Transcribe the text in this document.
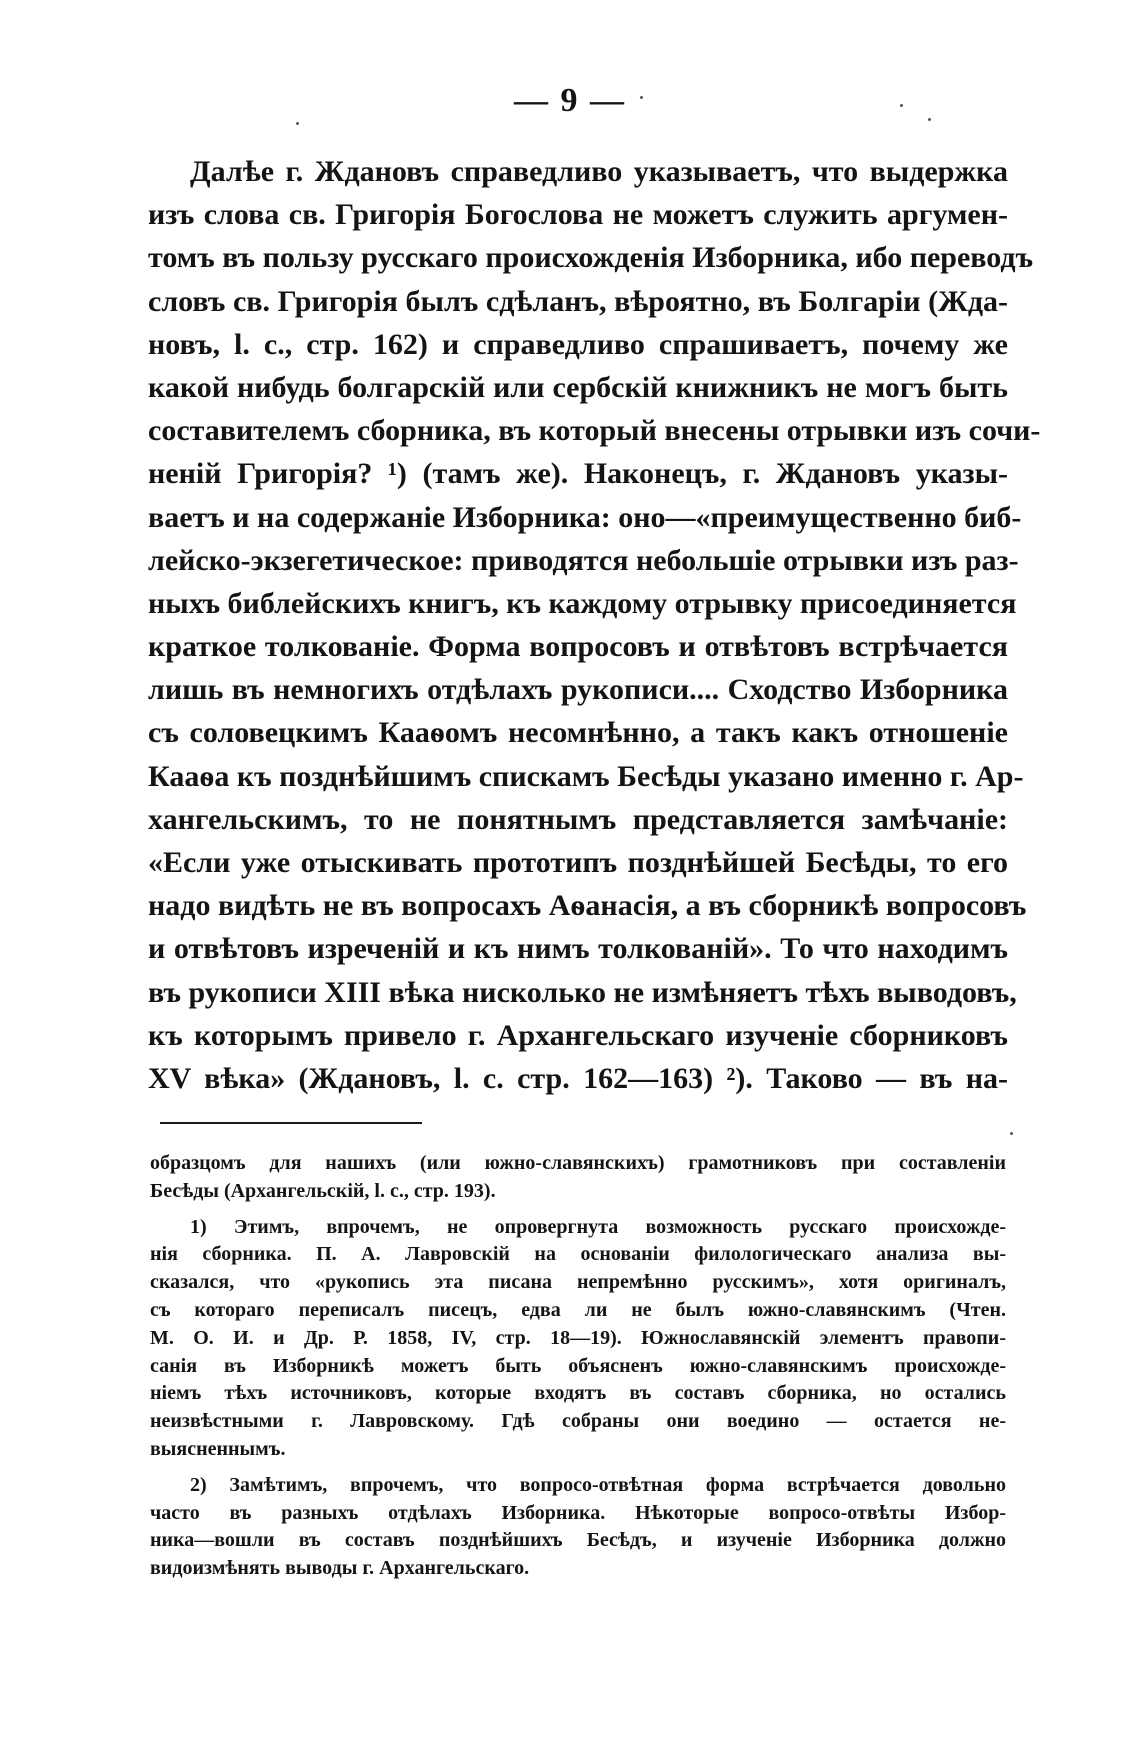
— 9 —
Далѣе г. Ждановъ справедливо указываетъ, что выдержка
изъ слова св. Григорія Богослова не можетъ служить аргумен-
томъ въ пользу русскаго происхожденія Изборника, ибо переводъ
словъ св. Григорія былъ сдѣланъ, вѣроятно, въ Болгаріи (Жда-
новъ, l. c., стр. 162) и справедливо спрашиваетъ, почему же
какой нибудь болгарскій или сербскій книжникъ не могъ быть
составителемъ сборника, въ который внесены отрывки изъ сочи-
неній Григорія? ¹) (тамъ же). Наконецъ, г. Ждановъ указы-
ваетъ и на содержаніе Изборника: оно—«преимущественно биб-
лейско-экзегетическое: приводятся небольшіе отрывки изъ раз-
ныхъ библейскихъ книгъ, къ каждому отрывку присоединяется
краткое толкованіе. Форма вопросовъ и отвѣтовъ встрѣчается
лишь въ немногихъ отдѣлахъ рукописи.... Сходство Изборника
съ соловецкимъ Кааѳомъ несомнѣнно, а такъ какъ отношеніе
Кааѳа къ позднѣйшимъ спискамъ Бесѣды указано именно г. Ар-
хангельскимъ, то не понятнымъ представляется замѣчаніе:
«Если уже отыскивать прототипъ позднѣйшей Бесѣды, то его
надо видѣть не въ вопросахъ Аѳанасія, а въ сборникѣ вопросовъ
и отвѣтовъ изреченій и къ нимъ толкованій». То что находимъ
въ рукописи XIII вѣка нисколько не измѣняетъ тѣхъ выводовъ,
къ которымъ привело г. Архангельскаго изученіе сборниковъ
XV вѣка» (Ждановъ, l. c. стр. 162—163) ²). Таково — въ на-
образцомъ для нашихъ (или южно-славянскихъ) грамотниковъ при составленіи
Бесѣды (Архангельскій, l. c., стр. 193).
1) Этимъ, впрочемъ, не опровергнута возможность русскаго происхожде-
нія сборника. П. А. Лавровскій на основаніи филологическаго анализа вы-
сказался, что «рукопись эта писана непремѣнно русскимъ», хотя оригиналъ,
съ котораго переписалъ писецъ, едва ли не былъ южно-славянскимъ (Чтен.
М. О. И. и Др. Р. 1858, IV, стр. 18—19). Южнославянскій элементъ правопи-
санія въ Изборникѣ можетъ быть объясненъ южно-славянскимъ происхожде-
ніемъ тѣхъ источниковъ, которые входятъ въ составъ сборника, но остались
неизвѣстными г. Лавровскому. Гдѣ собраны они воедино — остается не-
выясненнымъ.
2) Замѣтимъ, впрочемъ, что вопросо-отвѣтная форма встрѣчается довольно
часто въ разныхъ отдѣлахъ Изборника. Нѣкоторые вопросо-отвѣты Избор-
ника—вошли въ составъ позднѣйшихъ Бесѣдъ, и изученіе Изборника должно
видоизмѣнять выводы г. Архангельскаго.
